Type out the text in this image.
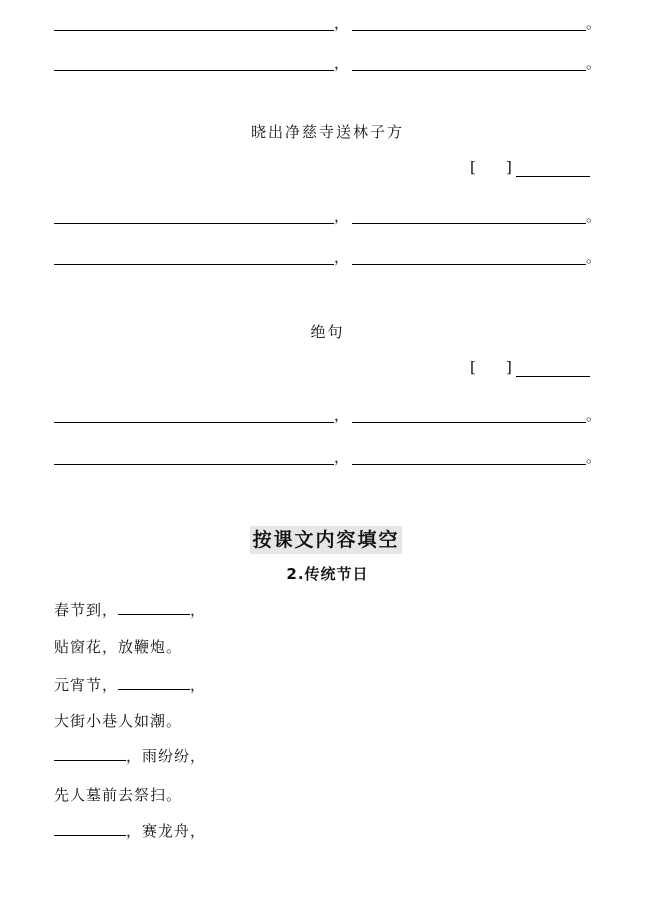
，	。
，	。
晓出净慈寺送林子方
[ ]
，	。
，	。
绝句
[ ]
，	。
，	。
按课文内容填空
2.传统节日
春节到，	，
贴窗花，放鞭炮。
元宵节，	，
大街小巷人如潮。
，雨纷纷，
先人墓前去祭扫。
，赛龙舟，
